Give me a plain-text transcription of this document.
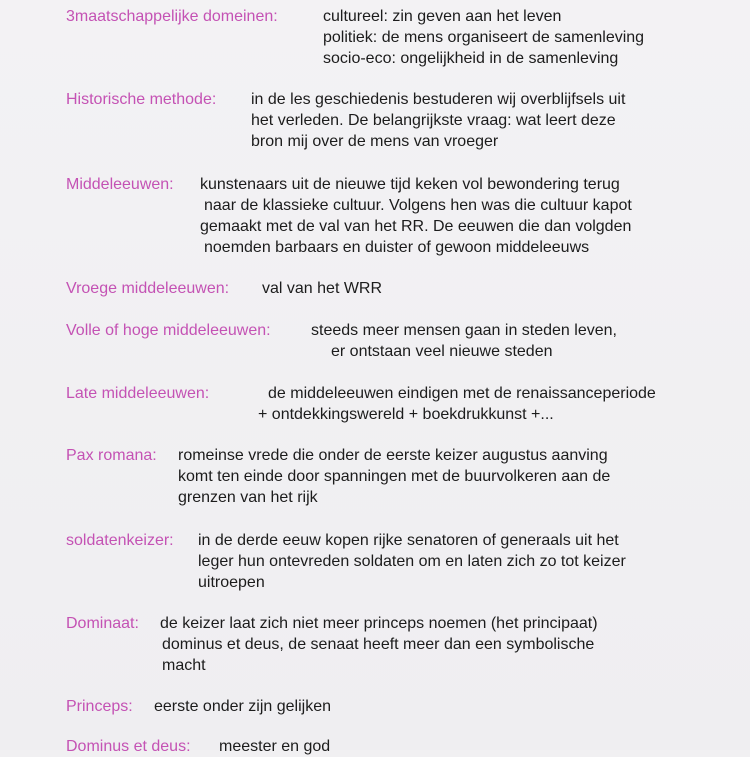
3maatschappelijke domeinen:	cultureel: zin geven aan het leven
politiek: de mens organiseert de samenleving
socio-eco: ongelijkheid in de samenleving
Historische methode: in de les geschiedenis bestuderen wij overblijfsels uit
het verleden. De belangrijkste vraag: wat leert deze
bron mij over de mens van vroeger
Middeleeuwen: kunstenaars uit de nieuwe tijd keken vol bewondering terug
naar de klassieke cultuur. Volgens hen was die cultuur kapot
gemaakt met de val van het RR. De eeuwen die dan volgden
noemden barbaars en duister of gewoon middeleeuws
Vroege middeleeuwen: val van het WRR
Volle of hoge middeleeuwen:	steeds meer mensen gaan in steden leven,
er ontstaan veel nieuwe steden
Late middeleeuwen:	de middeleeuwen eindigen met de renaissanceperiode
+ ontdekkingswereld + boekdrukkunst +...
Pax romana: romeinse vrede die onder de eerste keizer augustus aanving
komt ten einde door spanningen met de buurvolkeren aan de
grenzen van het rijk
soldatenkeizer: in de derde eeuw kopen rijke senatoren of generaals uit het
leger hun ontevreden soldaten om en laten zich zo tot keizer
uitroepen
Dominaat: de keizer laat zich niet meer princeps noemen (het principaat)
dominus et deus, de senaat heeft meer dan een symbolische
macht
Princeps: eerste onder zijn gelijken
Dominus et deus: meester en god
